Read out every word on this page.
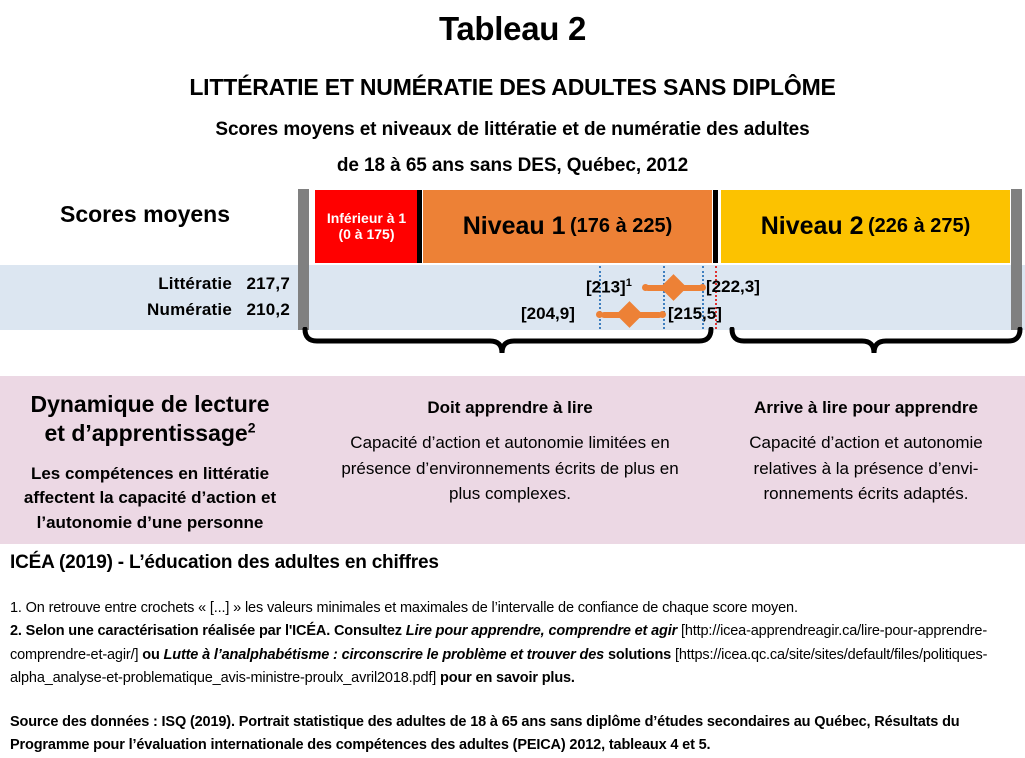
Tableau 2
LITTÉRATIE ET NUMÉRATIE DES ADULTES SANS DIPLÔME
Scores moyens et niveaux de littératie et de numératie des adultes
de 18 à 65 ans sans DES, Québec, 2012
Inférieur à 1
(0 à 175)	Niveau 1
(176 à 225)	Niveau 2
(226 à 275)
Scores moyens
Littératie 217,7
Numératie 210,2
$[213]^1$	[222,3]
[204,9]	[215,5]
Dynamique de lecture
et d’apprentissage$^2$
Les compétences en littératie affectent la capacité d’action et l’autonomie d’une personne
Doit apprendre à lire
Capacité d’action et autonomie limitées en présence d’environnements écrits de plus en plus complexes.
Arrive à lire pour apprendre
Capacité d’action et autonomie relatives à la présence d’envi-ronnements écrits adaptés.
ICÉA (2019) - L’éducation des adultes en chiffres
1. On retrouve entre crochets « [...] » les valeurs minimales et maximales de l’intervalle de confiance de chaque score moyen.
2. Selon une caractérisation réalisée par l'ICÉA. Consultez Lire pour apprendre, comprendre et agir [http://icea-apprendreagir.ca/lire-pour-apprendre-comprendre-et-agir/] ou Lutte à l’analphabétisme : circonscrire le problème et trouver des solutions [https://icea.qc.ca/site/sites/default/files/politiques-alpha_analyse-et-problematique_avis-ministre-proulx_avril2018.pdf] pour en savoir plus.
Source des données : ISQ (2019). Portrait statistique des adultes de 18 à 65 ans sans diplôme d’études secondaires au Québec, Résultats du Programme pour l’évaluation internationale des compétences des adultes (PEICA) 2012, tableaux 4 et 5.
